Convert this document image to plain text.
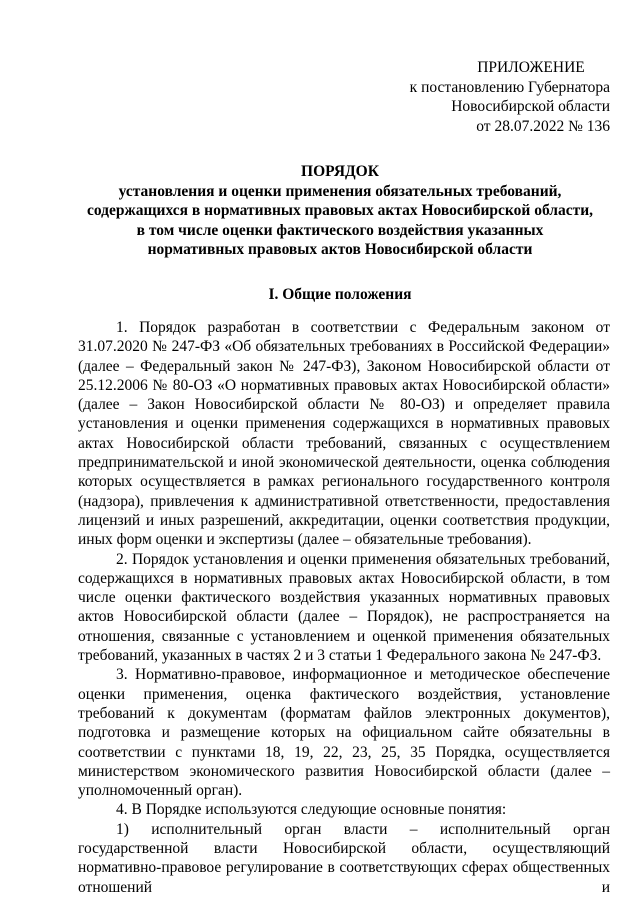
ПРИЛОЖЕНИЕ
к постановлению Губернатора
Новосибирской области
от 28.07.2022 № 136
ПОРЯДОК
установления и оценки применения обязательных требований,
содержащихся в нормативных правовых актах Новосибирской области,
в том числе оценки фактического воздействия указанных
нормативных правовых актов Новосибирской области
I. Общие положения

1. Порядок разработан в соответствии с Федеральным законом от 31.07.2020 № 247-ФЗ «Об обязательных требованиях в Российской Федерации» (далее – Федеральный закон № 247-ФЗ), Законом Новосибирской области от 25.12.2006 № 80-ОЗ «О нормативных правовых актах Новосибирской области» (далее – Закон Новосибирской области № 80-ОЗ) и определяет правила установления и оценки применения содержащихся в нормативных правовых актах Новосибирской области требований, связанных с осуществлением предпринимательской и иной экономической деятельности, оценка соблюдения которых осуществляется в рамках регионального государственного контроля (надзора), привлечения к административной ответственности, предоставления лицензий и иных разрешений, аккредитации, оценки соответствия продукции, иных форм оценки и экспертизы (далее – обязательные требования).

2. Порядок установления и оценки применения обязательных требований, содержащихся в нормативных правовых актах Новосибирской области, в том числе оценки фактического воздействия указанных нормативных правовых актов Новосибирской области (далее – Порядок), не распространяется на отношения, связанные с установлением и оценкой применения обязательных требований, указанных в частях 2 и 3 статьи 1 Федерального закона № 247-ФЗ.

3. Нормативно-правовое, информационное и методическое обеспечение оценки применения, оценка фактического воздействия, установление требований к документам (форматам файлов электронных документов), подготовка и размещение которых на официальном сайте обязательны в соответствии с пунктами 18, 19, 22, 23, 25, 35 Порядка, осуществляется министерством экономического развития Новосибирской области (далее – уполномоченный орган).

4. В Порядке используются следующие основные понятия:

1) исполнительный орган власти – исполнительный орган государственной власти Новосибирской области, осуществляющий нормативно-правовое регулирование в соответствующих сферах общественных отношений и
